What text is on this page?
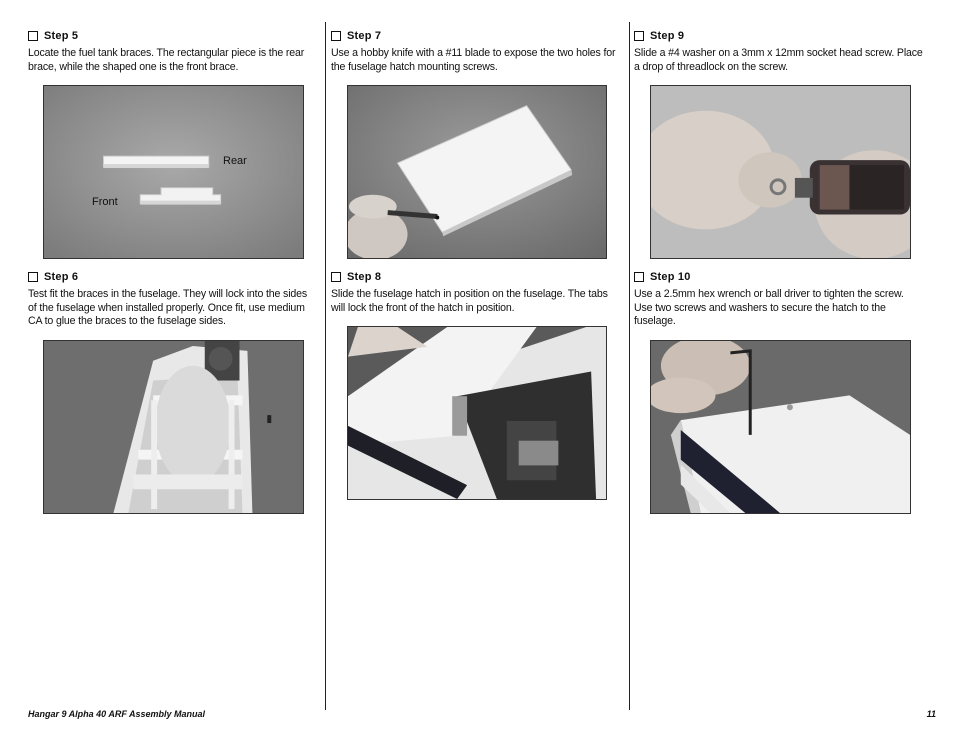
Step 5
Locate the fuel tank braces. The rectangular piece is the rear brace, while the shaped one is the front brace.
Rear
Front
Step 6
Test fit the braces in the fuselage. They will lock into the sides of the fuselage when installed properly. Once fit, use medium CA to glue the braces to the fuselage sides.
Step 7
Use a hobby knife with a #11 blade to expose the two holes for the fuselage hatch mounting screws.
Step 8
Slide the fuselage hatch in position on the fuselage. The tabs will lock the front of the hatch in position.
Step 9
Slide a #4 washer on a 3mm x 12mm socket head screw. Place a drop of threadlock on the screw.
Step 10
Use a 2.5mm hex wrench or ball driver to tighten the screw. Use two screws and washers to secure the hatch to the fuselage.
Hangar 9 Alpha 40 ARF Assembly Manual	11
